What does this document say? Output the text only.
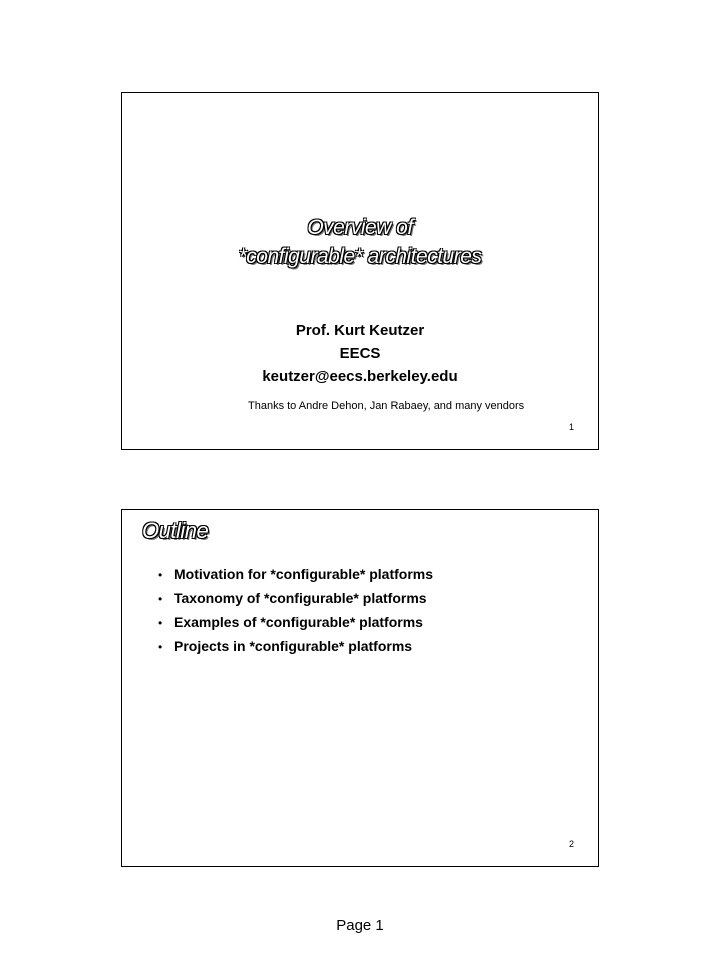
Overview of
*configurable* architectures
Prof. Kurt Keutzer
EECS
keutzer@eecs.berkeley.edu
Thanks to Andre Dehon, Jan Rabaey, and many vendors
1
Outline
• Motivation for *configurable* platforms
• Taxonomy of *configurable* platforms
• Examples of *configurable* platforms
• Projects in *configurable* platforms
2
Page 1
